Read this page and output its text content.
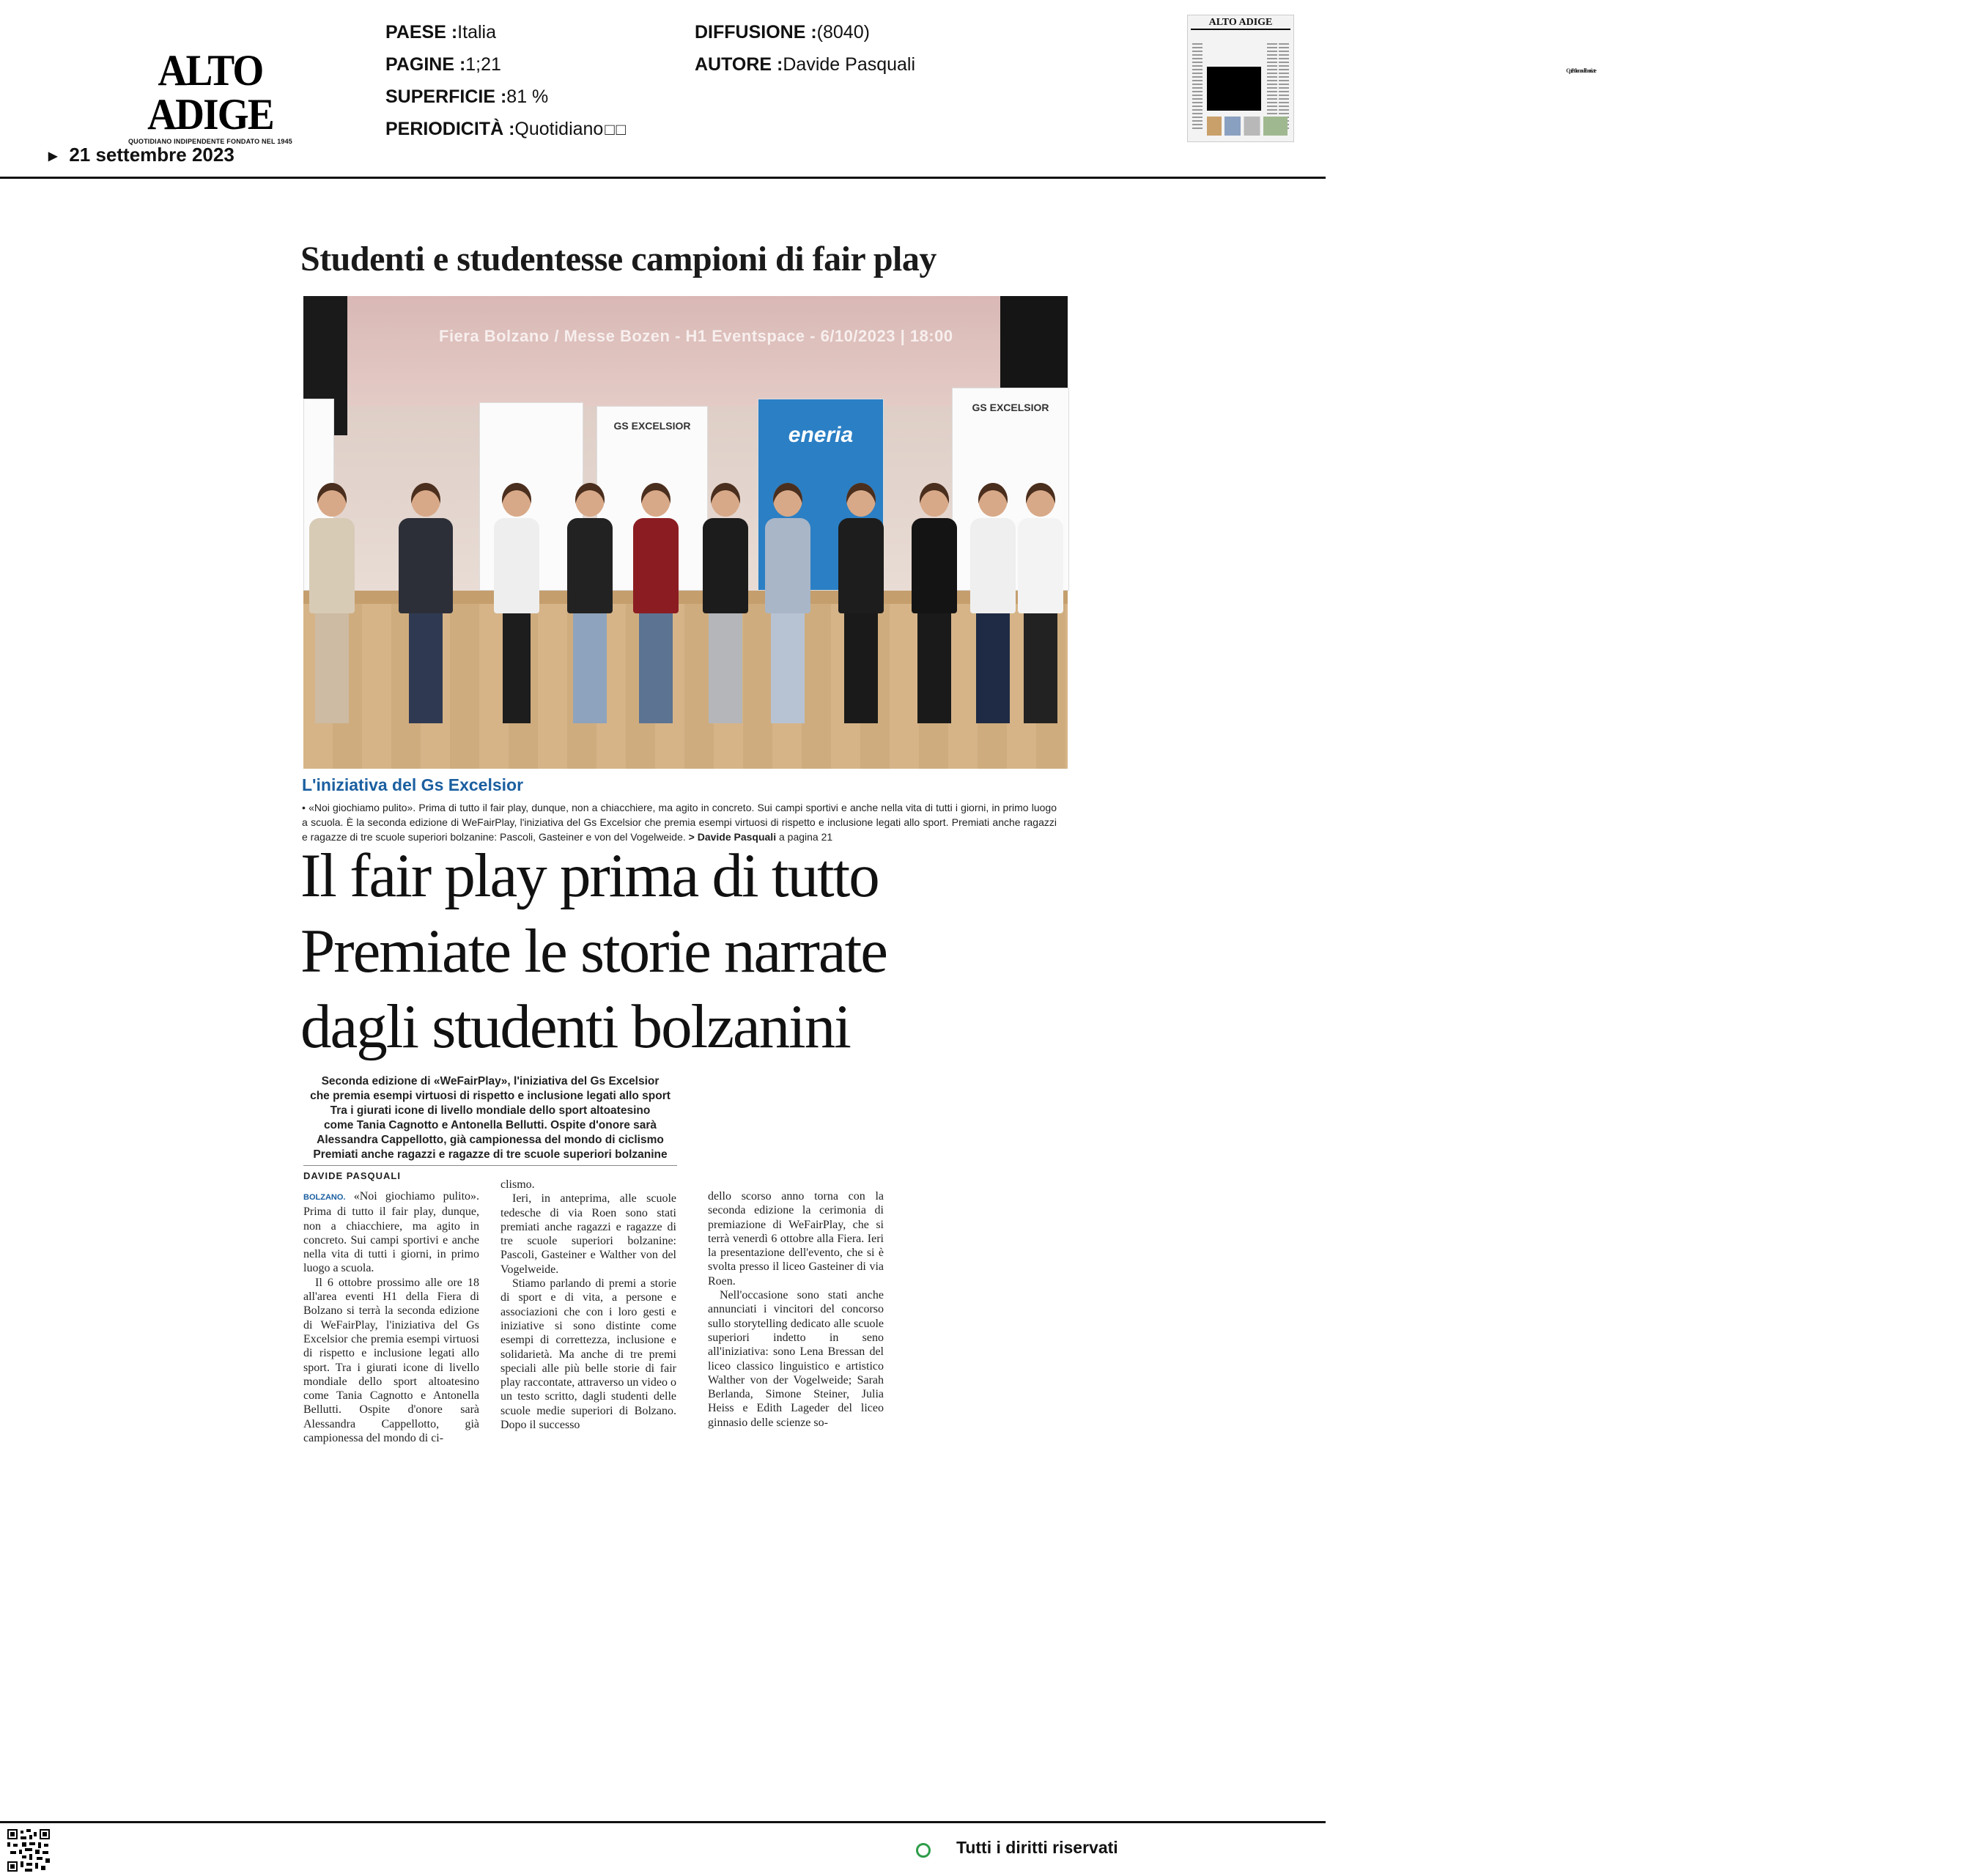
ALTO ADIGE
QUOTIDIANO INDIPENDENTE FONDATO NEL 1945
▶ 21 settembre 2023
PAESE :Italia
PAGINE :1;21
SUPERFICIE :81 %
PERIODICITÀ :Quotidiano□□
DIFFUSIONE :(8040)
AUTORE :Davide Pasquali
ALTO ADIGE
Cpr, Bolzano sulle barricate
Studenti e studentesse campioni di fair play
Fiera Bolzano / Messe Bozen - H1 Eventspace - 6/10/2023 | 18:00
GS EXCELSIOR	eneria
GS EXCELSIOR
L'iniziativa del Gs Excelsior
• «Noi giochiamo pulito». Prima di tutto il fair play, dunque, non a chiacchiere, ma agito in concreto. Sui campi sportivi e anche nella vita di tutti i giorni, in primo luogo a scuola. È la seconda edizione di WeFairPlay, l'iniziativa del Gs Excelsior che premia esempi virtuosi di rispetto e inclusione legati allo sport. Premiati anche ragazzi e ragazze di tre scuole superiori bolzanine: Pascoli, Gasteiner e von del Vogelweide. > Davide Pasquali a pagina 21
Il fair play prima di tutto
Premiate le storie narrate
dagli studenti bolzanini
Seconda edizione di «WeFairPlay», l'iniziativa del Gs Excelsior
che premia esempi virtuosi di rispetto e inclusione legati allo sport
Tra i giurati icone di livello mondiale dello sport altoatesino
come Tania Cagnotto e Antonella Bellutti. Ospite d'onore sarà
Alessandra Cappellotto, già campionessa del mondo di ciclismo
Premiati anche ragazzi e ragazze di tre scuole superiori bolzanine
DAVIDE PASQUALI

BOLZANO. «Noi giochiamo pulito». Prima di tutto il fair play, dunque, non a chiacchiere, ma agito in concreto. Sui campi sportivi e anche nella vita di tutti i giorni, in primo luogo a scuola.

Il 6 ottobre prossimo alle ore 18 all'area eventi H1 della Fiera di Bolzano si terrà la seconda edizione di WeFairPlay, l'iniziativa del Gs Excelsior che premia esempi virtuosi di rispetto e inclusione legati allo sport. Tra i giurati icone di livello mondiale dello sport altoatesino come Tania Cagnotto e Antonella Bellutti. Ospite d'onore sarà Alessandra Cappellotto, già campionessa del mondo di ci-

clismo.

Ieri, in anteprima, alle scuole tedesche di via Roen sono stati premiati anche ragazzi e ragazze di tre scuole superiori bolzanine: Pascoli, Gasteiner e Walther von del Vogelweide.

Stiamo parlando di premi a storie di sport e di vita, a persone e associazioni che con i loro gesti e iniziative si sono distinte come esempi di correttezza, inclusione e solidarietà. Ma anche di tre premi speciali alle più belle storie di fair play raccontate, attraverso un video o un testo scritto, dagli studenti delle scuole medie superiori di Bolzano. Dopo il successo

dello scorso anno torna con la seconda edizione la cerimonia di premiazione di WeFairPlay, che si terrà venerdì 6 ottobre alla Fiera. Ieri la presentazione dell'evento, che si è svolta presso il liceo Gasteiner di via Roen.

Nell'occasione sono stati anche annunciati i vincitori del concorso sullo storytelling dedicato alle scuole superiori indetto in seno all'iniziativa: sono Lena Bressan del liceo classico linguistico e artistico Walther von der Vogelweide; Sarah Berlanda, Simone Steiner, Julia Heiss e Edith Lageder del liceo ginnasio delle scienze so-

Tutti i diritti riservati
